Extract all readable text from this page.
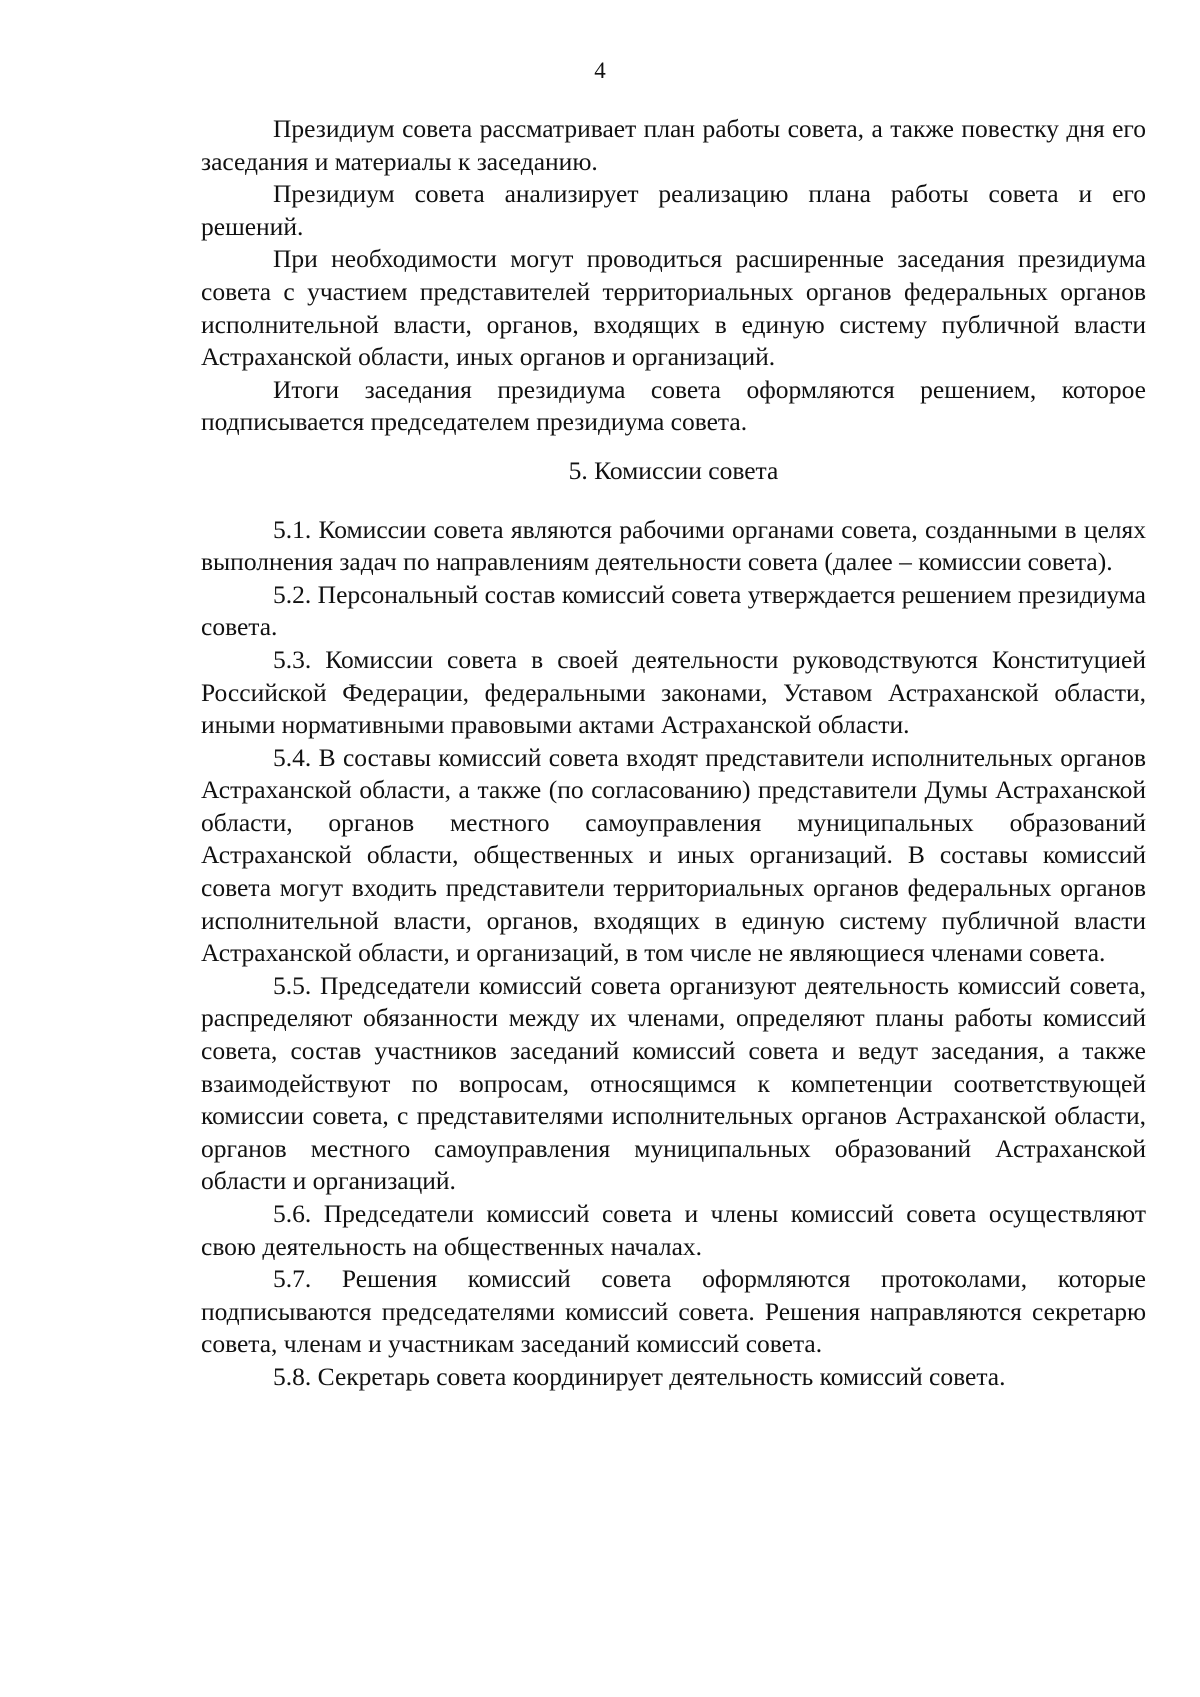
4

Президиум совета рассматривает план работы совета, а также повестку дня его заседания и материалы к заседанию.

Президиум совета анализирует реализацию плана работы совета и его решений.

При необходимости могут проводиться расширенные заседания президиума совета с участием представителей территориальных органов федеральных органов исполнительной власти, органов, входящих в единую систему публичной власти Астраханской области, иных органов и организаций.

Итоги заседания президиума совета оформляются решением, которое подписывается председателем президиума совета.

5. Комиссии совета

5.1. Комиссии совета являются рабочими органами совета, созданными в целях выполнения задач по направлениям деятельности совета (далее – комиссии совета).

5.2. Персональный состав комиссий совета утверждается решением президиума совета.

5.3. Комиссии совета в своей деятельности руководствуются Конституцией Российской Федерации, федеральными законами, Уставом Астраханской области, иными нормативными правовыми актами Астраханской области.

5.4. В составы комиссий совета входят представители исполнительных органов Астраханской области, а также (по согласованию) представители Думы Астраханской области, органов местного самоуправления муниципальных образований Астраханской области, общественных и иных организаций. В составы комиссий совета могут входить представители территориальных органов федеральных органов исполнительной власти, органов, входящих в единую систему публичной власти Астраханской области, и организаций, в том числе не являющиеся членами совета.

5.5. Председатели комиссий совета организуют деятельность комиссий совета, распределяют обязанности между их членами, определяют планы работы комиссий совета, состав участников заседаний комиссий совета и ведут заседания, а также взаимодействуют по вопросам, относящимся к компетенции соответствующей комиссии совета, с представителями исполнительных органов Астраханской области, органов местного самоуправления муниципальных образований Астраханской области и организаций.

5.6. Председатели комиссий совета и члены комиссий совета осуществляют свою деятельность на общественных началах.

5.7. Решения комиссий совета оформляются протоколами, которые подписываются председателями комиссий совета. Решения направляются секретарю совета, членам и участникам заседаний комиссий совета.

5.8. Секретарь совета координирует деятельность комиссий совета.
